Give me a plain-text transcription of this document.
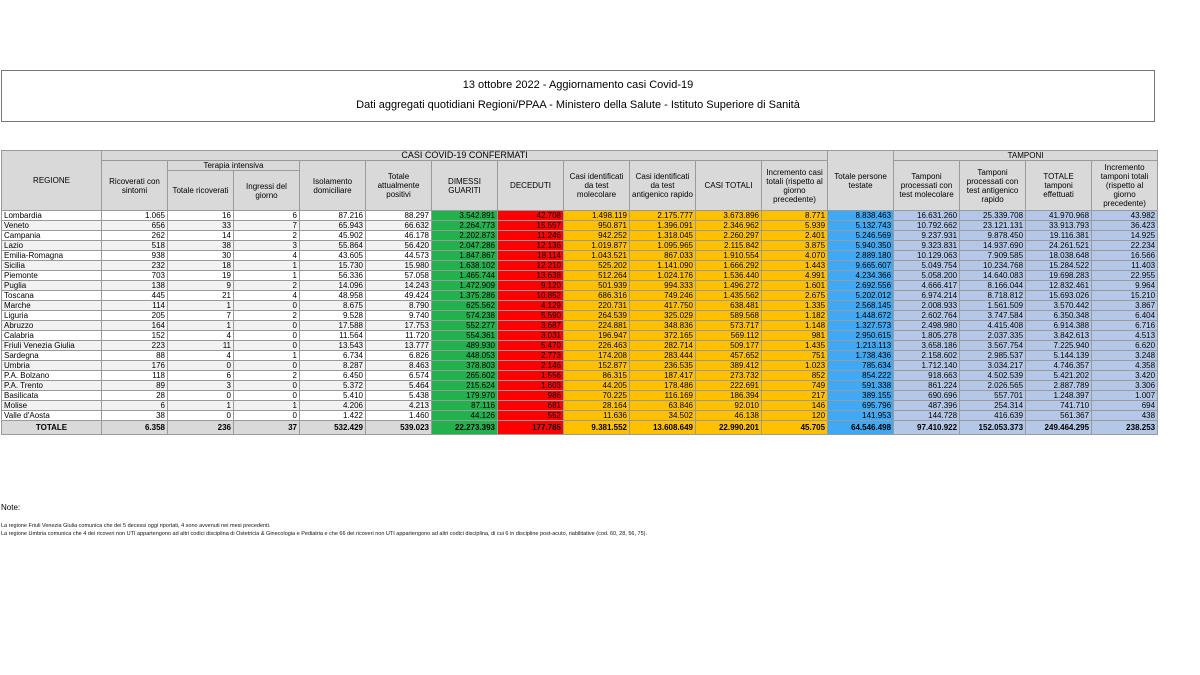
13 ottobre 2022 - Aggiornamento casi Covid-19
Dati aggregati quotidiani Regioni/PPAA - Ministero della Salute - Istituto Superiore di Sanità
REGIONE	CASI COVID-19 CONFERMATI											Totale persone testate	TAMPONI			
	Ricoverati con sintomi	Terapia intensiva		Isolamento domiciliare	Totale attualmente positivi	DIMESSI GUARITI	DECEDUTI	Casi identificati da test molecolare	Casi identificati da test antigenico rapido	CASI TOTALI	Incremento casi totali (rispetto al giorno precedente)		Tamponi processati con test molecolare	Tamponi processati con test antigenico rapido	TOTALE tamponi effettuati	Incremento tamponi totali (rispetto al giorno precedente)
		Totale ricoverati	Ingressi del giorno													
Lombardia	1.065	16	6	87.216	88.297	3.542.891	42.708	1.498.119	2.175.777	3.673.896	8.771	8.838.463	16.631.260	25.339.708	41.970.968	43.982
Veneto	656	33	7	65.943	66.632	2.264.773	15.557	950.871	1.396.091	2.346.962	5.939	5.132.743	10.792.662	23.121.131	33.913.793	36.423
Campania	262	14	2	45.902	46.178	2.202.873	11.246	942.252	1.318.045	2.260.297	2.401	5.246.569	9.237.931	9.878.450	19.116.381	14.925
Lazio	518	38	3	55.864	56.420	2.047.286	12.136	1.019.877	1.095.965	2.115.842	3.875	5.940.350	9.323.831	14.937.690	24.261.521	22.234
Emilia-Romagna	938	30	4	43.605	44.573	1.847.867	18.114	1.043.521	867.033	1.910.554	4.070	2.889.180	10.129.063	7.909.585	18.038.648	16.566
Sicilia	232	18	1	15.730	15.980	1.638.102	12.210	525.202	1.141.090	1.666.292	1.443	9.665.607	5.049.754	10.234.768	15.284.522	11.403
Piemonte	703	19	1	56.336	57.058	1.465.744	13.638	512.264	1.024.176	1.536.440	4.991	4.234.366	5.058.200	14.640.083	19.698.283	22.955
Puglia	138	9	2	14.096	14.243	1.472.909	9.120	501.939	994.333	1.496.272	1.601	2.692.556	4.666.417	8.166.044	12.832.461	9.964
Toscana	445	21	4	48.958	49.424	1.375.286	10.852	686.316	749.246	1.435.562	2.675	5.202.012	6.974.214	8.718.812	15.693.026	15.210
Marche	114	1	0	8.675	8.790	625.562	4.129	220.731	417.750	638.481	1.335	2.568.145	2.008.933	1.561.509	3.570.442	3.867
Liguria	205	7	2	9.528	9.740	574.238	5.590	264.539	325.029	589.568	1.182	1.448.672	2.602.764	3.747.584	6.350.348	6.404
Abruzzo	164	1	0	17.588	17.753	552.277	3.687	224.881	348.836	573.717	1.148	1.327.573	2.498.980	4.415.408	6.914.388	6.716
Calabria	152	4	0	11.564	11.720	554.361	3.031	196.947	372.165	569.112	981	2.950.615	1.805.278	2.037.335	3.842.613	4.513
Friuli Venezia Giulia	223	11	0	13.543	13.777	489.930	5.470	226.463	282.714	509.177	1.435	1.213.113	3.658.186	3.567.754	7.225.940	6.620
Sardegna	88	4	1	6.734	6.826	448.053	2.773	174.208	283.444	457.652	751	1.738.436	2.158.602	2.985.537	5.144.139	3.248
Umbria	176	0	0	8.287	8.463	378.803	2.146	152.877	236.535	389.412	1.023	785.634	1.712.140	3.034.217	4.746.357	4.358
P.A. Bolzano	118	6	2	6.450	6.574	265.602	1.556	86.315	187.417	273.732	852	854.222	918.663	4.502.539	5.421.202	3.420
P.A. Trento	89	3	0	5.372	5.464	215.624	1.603	44.205	178.486	222.691	749	591.338	861.224	2.026.565	2.887.789	3.306
Basilicata	28	0	0	5.410	5.438	179.970	986	70.225	116.169	186.394	217	389.155	690.696	557.701	1.248.397	1.007
Molise	6	1	1	4.206	4.213	87.116	681	28.164	63.846	92.010	146	695.796	487.396	254.314	741.710	694
Valle d'Aosta	38	0	0	1.422	1.460	44.126	552	11.636	34.502	46.138	120	141.953	144.728	416.639	561.367	438
TOTALE	6.358	236	37	532.429	539.023	22.273.393	177.785	9.381.552	13.608.649	22.990.201	45.705	64.546.498	97.410.922	152.053.373	249.464.295	238.253
Note:
La regione Friuli Venezia Giulia comunica che dei 5 decessi oggi riportati, 4 sono avvenuti nei mesi precedenti.
La regione Umbria comunica che 4 dei ricoveri non UTI appartengono ad altri codici disciplina di Ostetricia & Ginecologia e Pediatria e che 66 dei ricoveri non UTI appartengono ad altri codici disciplina, di cui 6 in discipline post-acuto, riabilitative (cod. 60, 28, 56, 75).
